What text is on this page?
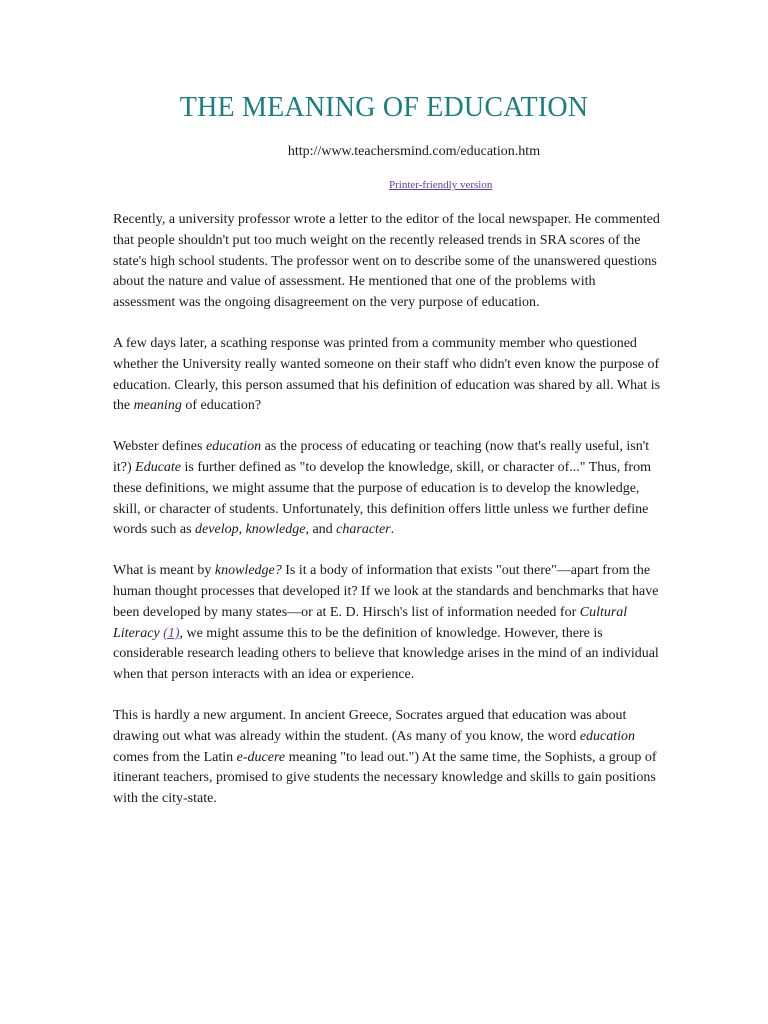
THE MEANING OF EDUCATION
http://www.teachersmind.com/education.htm
Printer-friendly version

Recently, a university professor wrote a letter to the editor of the local newspaper. He commented that people shouldn't put too much weight on the recently released trends in SRA scores of the state's high school students. The professor went on to describe some of the unanswered questions about the nature and value of assessment. He mentioned that one of the problems with assessment was the ongoing disagreement on the very purpose of education.

A few days later, a scathing response was printed from a community member who questioned whether the University really wanted someone on their staff who didn't even know the purpose of education. Clearly, this person assumed that his definition of education was shared by all. What is the meaning of education?

Webster defines education as the process of educating or teaching (now that's really useful, isn't it?) Educate is further defined as "to develop the knowledge, skill, or character of..." Thus, from these definitions, we might assume that the purpose of education is to develop the knowledge, skill, or character of students. Unfortunately, this definition offers little unless we further define words such as develop, knowledge, and character.

What is meant by knowledge? Is it a body of information that exists "out there"—apart from the human thought processes that developed it? If we look at the standards and benchmarks that have been developed by many states—or at E. D. Hirsch's list of information needed for Cultural Literacy (1), we might assume this to be the definition of knowledge. However, there is considerable research leading others to believe that knowledge arises in the mind of an individual when that person interacts with an idea or experience.

This is hardly a new argument. In ancient Greece, Socrates argued that education was about drawing out what was already within the student. (As many of you know, the word education comes from the Latin e-ducere meaning "to lead out.") At the same time, the Sophists, a group of itinerant teachers, promised to give students the necessary knowledge and skills to gain positions with the city-state.
